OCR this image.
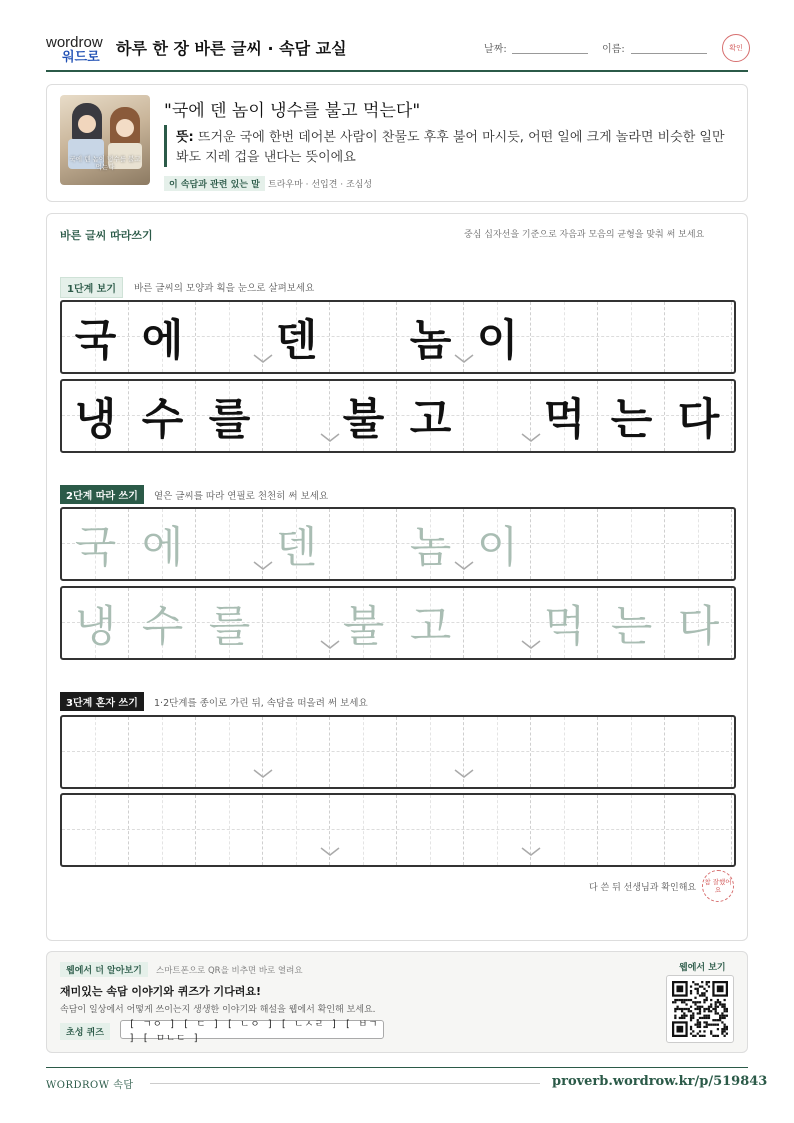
wordrow
워드로 하루 한 장 바른 글씨 · 속담 교실	날짜:	이름:	확인
국에 덴 놈이 냉수를 불고 먹는다
"국에 덴 놈이 냉수를 불고 먹는다"
뜻: 뜨거운 국에 한번 데어본 사람이 찬물도 후후 불어 마시듯, 어떤 일에 크게 놀라면 비슷한 일만 봐도 지레 겁을 낸다는 뜻이에요
이 속담과 관련 있는 말 트라우마 · 선입견 · 조심성
바른 글씨 따라쓰기	중심 십자선을 기준으로 자음과 모음의 균형을 맞춰 써 보세요
1단계 보기	바른 글씨의 모양과 획을 눈으로 살펴보세요
국 에 덴 놈 이
냉 수 를 불 고 먹 는 다
2단계 따라 쓰기	옅은 글씨를 따라 연필로 천천히 써 보세요
국 에 덴 놈 이
냉 수 를 불 고 먹 는 다
3단계 혼자 쓰기	1·2단계를 종이로 가린 뒤, 속담을 떠올려 써 보세요
다 쓴 뒤 선생님과 확인해요
참 잘했어요
웹에서 더 알아보기	스마트폰으로 QR을 비추면 바로 열려요
재미있는 속담 이야기와 퀴즈가 기다려요!
속담이 일상에서 어떻게 쓰이는지 생생한 이야기와 해설을 웹에서 확인해 보세요.
초성 퀴즈
[ ㄱㅇ ] [ ㄷ ] [ ㄴㅇ ] [ ㄴㅅㄹ ] [ ㅂㄱ ] [ ㅁㄴㄷ ]
웹에서 보기
WORDROW 속담	proverb.wordrow.kr/p/519843
